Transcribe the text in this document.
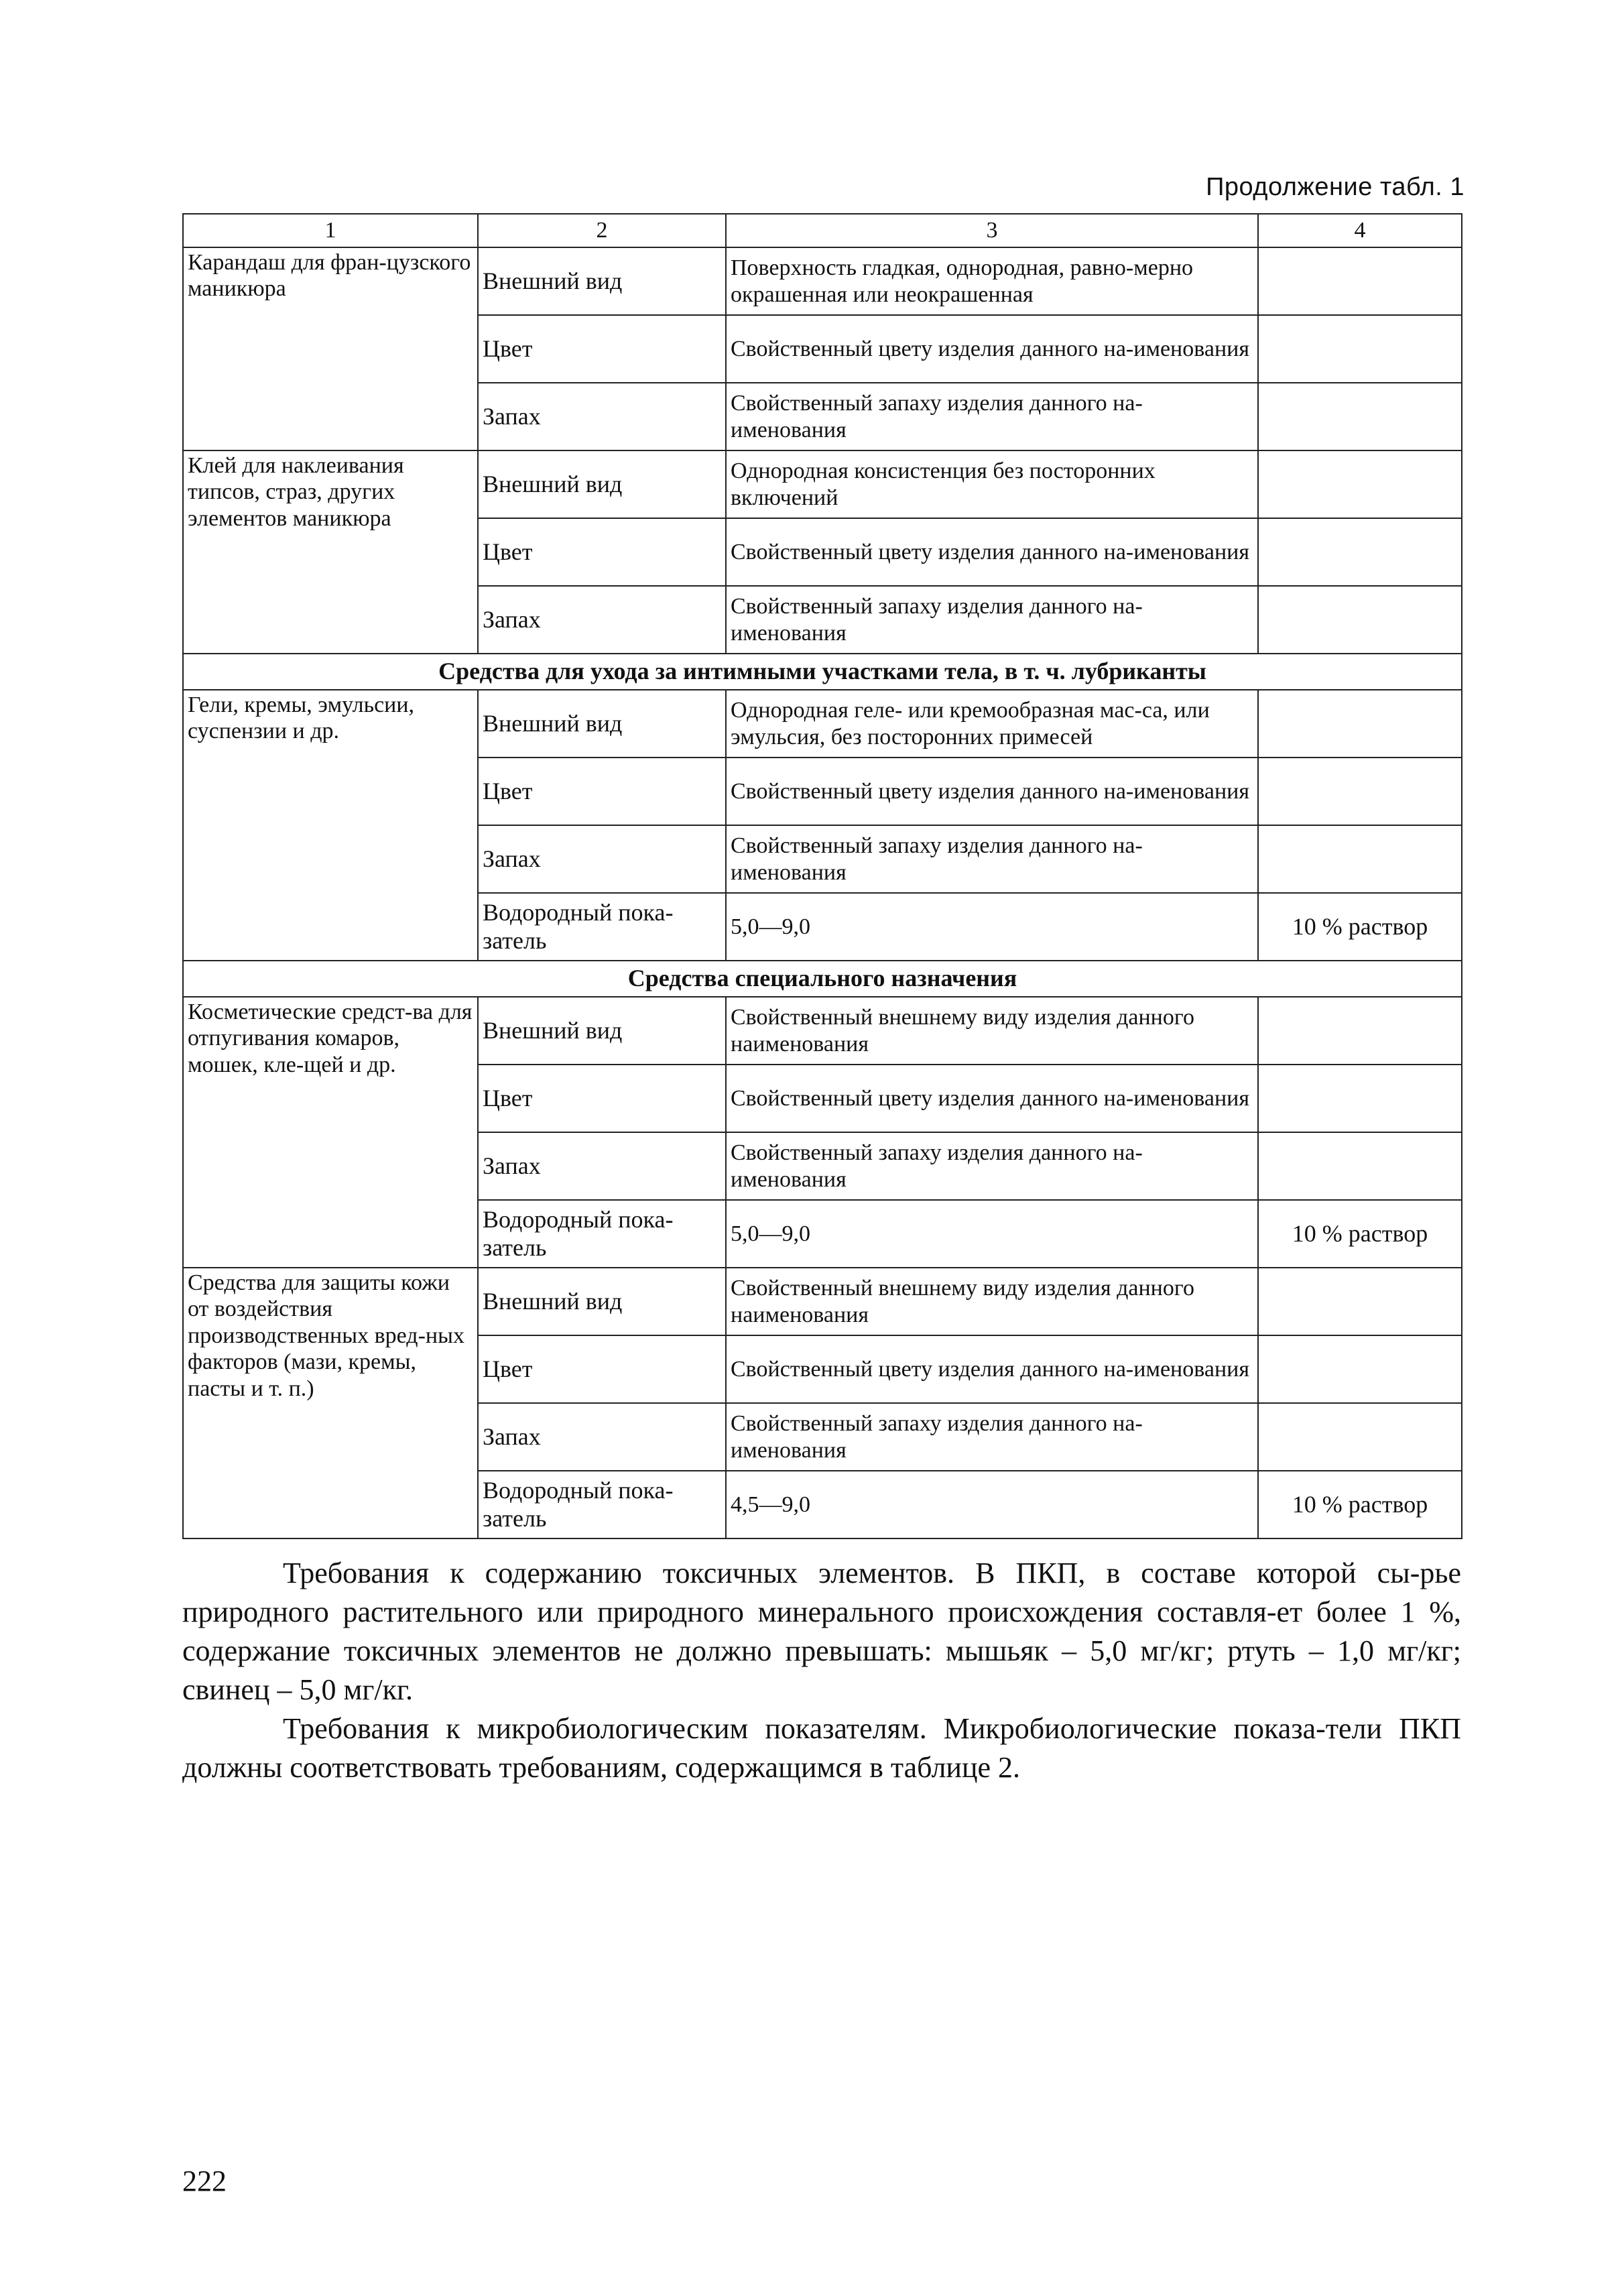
Продолжение табл. 1
1	2	3	4
Карандаш для фран-цузского маникюра	Внешний вид	Поверхность гладкая, однородная, равно-мерно окрашенная или неокрашенная	
	Цвет	Свойственный цвету изделия данного на-именования	
	Запах	Свойственный запаху изделия данного на-именования	
Клей для наклеивания типсов, страз, других элементов маникюра	Внешний вид	Однородная консистенция без посторонних включений	
	Цвет	Свойственный цвету изделия данного на-именования	
	Запах	Свойственный запаху изделия данного на-именования	
Средства для ухода за интимными участками тела, в т. ч. лубриканты			
Гели, кремы, эмульсии, суспензии и др.	Внешний вид	Однородная геле- или кремообразная мас-са, или эмульсия, без посторонних примесей	
	Цвет	Свойственный цвету изделия данного на-именования	
	Запах	Свойственный запаху изделия данного на-именования	
	Водородный пока-затель	5,0—9,0	10 % раствор
Средства специального назначения			
Косметические средст-ва для отпугивания комаров, мошек, кле-щей и др.	Внешний вид	Свойственный внешнему виду изделия данного наименования	
	Цвет	Свойственный цвету изделия данного на-именования	
	Запах	Свойственный запаху изделия данного на-именования	
	Водородный пока-затель	5,0—9,0	10 % раствор
Средства для защиты кожи от воздействия производственных вред-ных факторов (мази, кремы, пасты и т. п.)	Внешний вид	Свойственный внешнему виду изделия данного наименования	
	Цвет	Свойственный цвету изделия данного на-именования	
	Запах	Свойственный запаху изделия данного на-именования	
	Водородный пока-затель	4,5—9,0	10 % раствор

Требования к содержанию токсичных элементов. В ПКП, в составе которой сы-рье природного растительного или природного минерального происхождения составля-ет более 1 %, содержание токсичных элементов не должно превышать: мышьяк – 5,0 мг/кг; ртуть – 1,0 мг/кг; свинец – 5,0 мг/кг.

Требования к микробиологическим показателям. Микробиологические показа-тели ПКП должны соответствовать требованиям, содержащимся в таблице 2.

222
